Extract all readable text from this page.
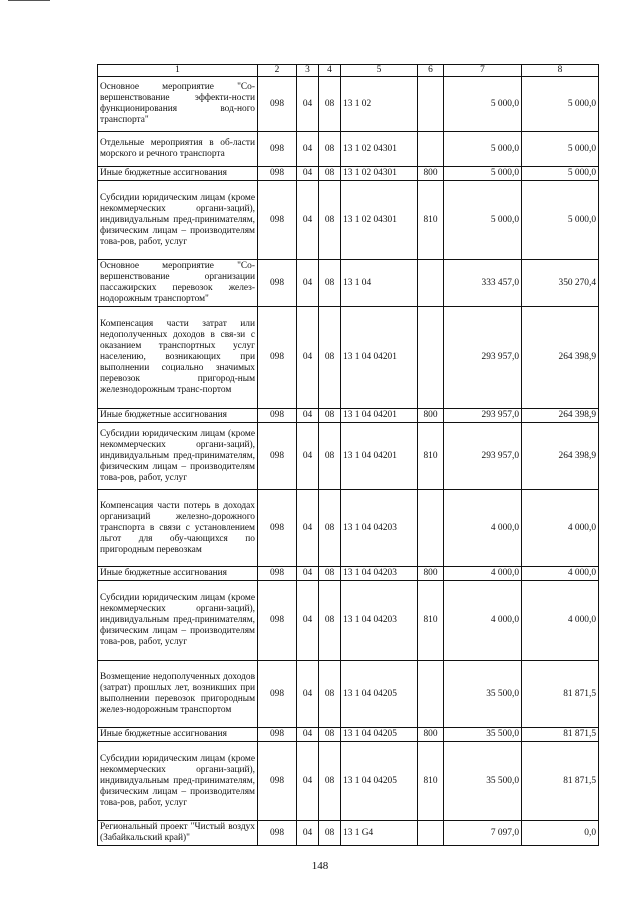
1	2	3	4	5	6	7	8
Основное мероприятие "Со-вершенствование эффекти-ности функционирования вод-ного транспорта"	098	04	08	13 1 02		5 000,0	5 000,0
Отдельные мероприятия в об-ласти морского и речного транспорта	098	04	08	13 1 02 04301		5 000,0	5 000,0
Иные бюджетные ассигнования	098	04	08	13 1 02 04301	800	5 000,0	5 000,0
Субсидии юридическим лицам (кроме некоммерческих органи-заций), индивидуальным пред-принимателям, физическим лицам – производителям това-ров, работ, услуг	098	04	08	13 1 02 04301	810	5 000,0	5 000,0
Основное мероприятие "Со-вершенствование организации пассажирских перевозок желез-нодорожным транспортом"	098	04	08	13 1 04		333 457,0	350 270,4
Компенсация части затрат или недополученных доходов в свя-зи с оказанием транспортных услуг населению, возникающих при выполнении социально значимых перевозок пригород-ным железнодорожным транс-портом	098	04	08	13 1 04 04201		293 957,0	264 398,9
Иные бюджетные ассигнования	098	04	08	13 1 04 04201	800	293 957,0	264 398,9
Субсидии юридическим лицам (кроме некоммерческих органи-заций), индивидуальным пред-принимателям, физическим лицам – производителям това-ров, работ, услуг	098	04	08	13 1 04 04201	810	293 957,0	264 398,9
Компенсация части потерь в доходах организаций железно-дорожного транспорта в связи с установлением льгот для обу-чающихся по пригородным перевозкам	098	04	08	13 1 04 04203		4 000,0	4 000,0
Иные бюджетные ассигнования	098	04	08	13 1 04 04203	800	4 000,0	4 000,0
Субсидии юридическим лицам (кроме некоммерческих органи-заций), индивидуальным пред-принимателям, физическим лицам – производителям това-ров, работ, услуг	098	04	08	13 1 04 04203	810	4 000,0	4 000,0
Возмещение недополученных доходов (затрат) прошлых лет, возникших при выполнении перевозок пригородным желез-нодорожным транспортом	098	04	08	13 1 04 04205		35 500,0	81 871,5
Иные бюджетные ассигнования	098	04	08	13 1 04 04205	800	35 500,0	81 871,5
Субсидии юридическим лицам (кроме некоммерческих органи-заций), индивидуальным пред-принимателям, физическим лицам – производителям това-ров, работ, услуг	098	04	08	13 1 04 04205	810	35 500,0	81 871,5
Региональный проект "Чистый воздух (Забайкальский край)"	098	04	08	13 1 G4		7 097,0	0,0
148
